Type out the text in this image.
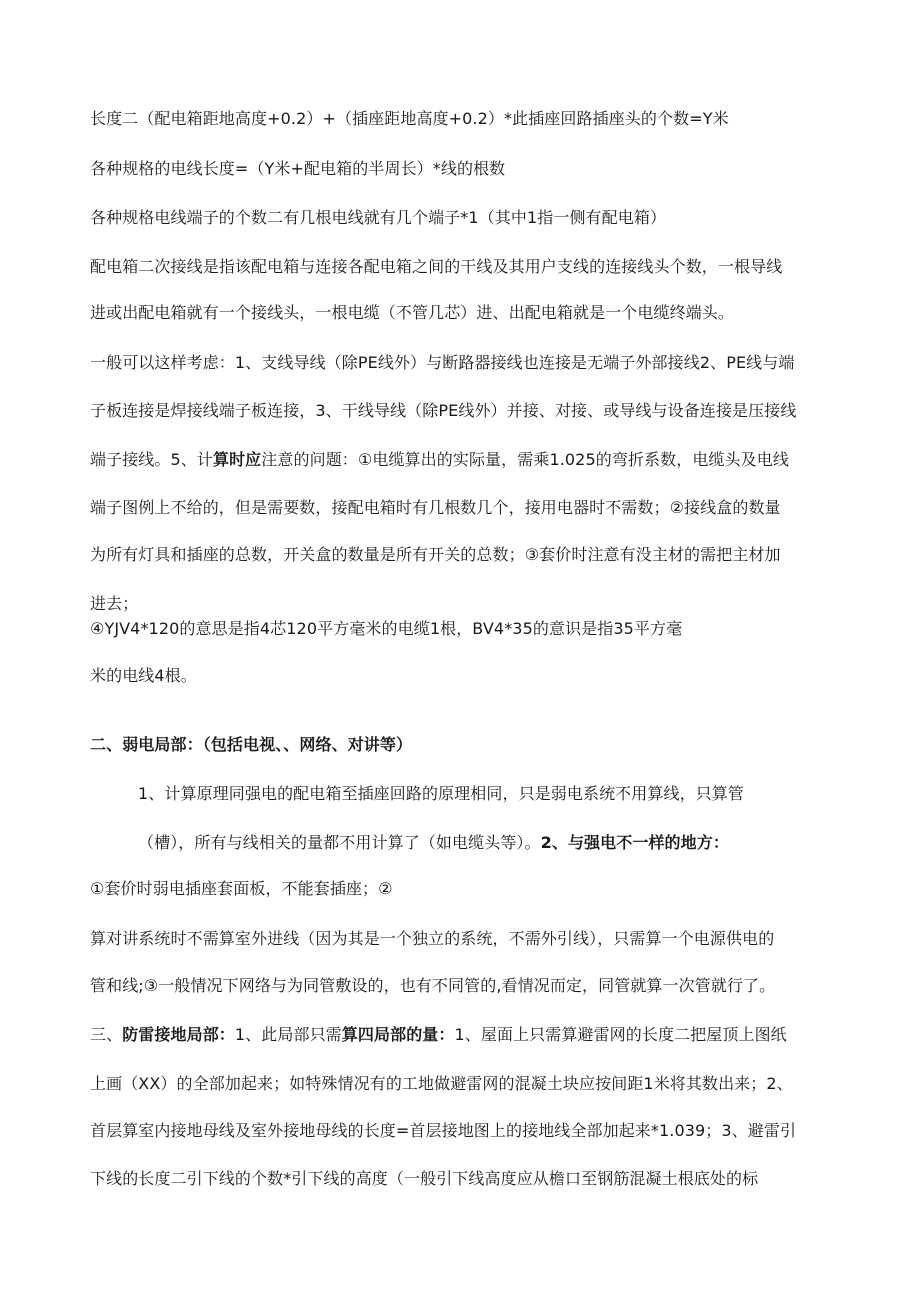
长度二（配电箱距地高度+0.2）+（插座距地高度+0.2）*此插座回路插座头的个数=Y米
各种规格的电线长度=（Y米+配电箱的半周长）*线的根数
各种规格电线端子的个数二有几根电线就有几个端子*1（其中1指一侧有配电箱）
配电箱二次接线是指该配电箱与连接各配电箱之间的干线及其用户支线的连接线头个数，一根导线
进或出配电箱就有一个接线头，一根电缆（不管几芯）进、出配电箱就是一个电缆终端头。
一般可以这样考虑：1、支线导线（除PE线外）与断路器接线也连接是无端子外部接线2、PE线与端
子板连接是焊接线端子板连接，3、干线导线（除PE线外）并接、对接、或导线与设备连接是压接线
端子接线。5、计算时应注意的问题：①电缆算出的实际量，需乘1.025的弯折系数，电缆头及电线
端子图例上不给的，但是需要数，接配电箱时有几根数几个，接用电器时不需数；②接线盒的数量
为所有灯具和插座的总数，开关盒的数量是所有开关的总数；③套价时注意有没主材的需把主材加
进去；
④YJV4*120的意思是指4芯120平方毫米的电缆1根，BV4*35的意识是指35平方毫
米的电线4根。
二、弱电局部：（包括电视、、网络、对讲等）
1、计算原理同强电的配电箱至插座回路的原理相同，只是弱电系统不用算线，只算管
（槽），所有与线相关的量都不用计算了（如电缆头等）。2、与强电不一样的地方：
①套价时弱电插座套面板，不能套插座；②
算对讲系统时不需算室外进线（因为其是一个独立的系统，不需外引线），只需算一个电源供电的
管和线;③一般情况下网络与为同管敷设的，也有不同管的,看情况而定，同管就算一次管就行了。
三、防雷接地局部：1、此局部只需算四局部的量：1、屋面上只需算避雷网的长度二把屋顶上图纸
上画（XX）的全部加起来；如特殊情况有的工地做避雷网的混凝土块应按间距1米将其数出来；2、
首层算室内接地母线及室外接地母线的长度=首层接地图上的接地线全部加起来*1.039；3、避雷引
下线的长度二引下线的个数*引下线的高度（一般引下线高度应从檐口至钢筋混凝土根底处的标
